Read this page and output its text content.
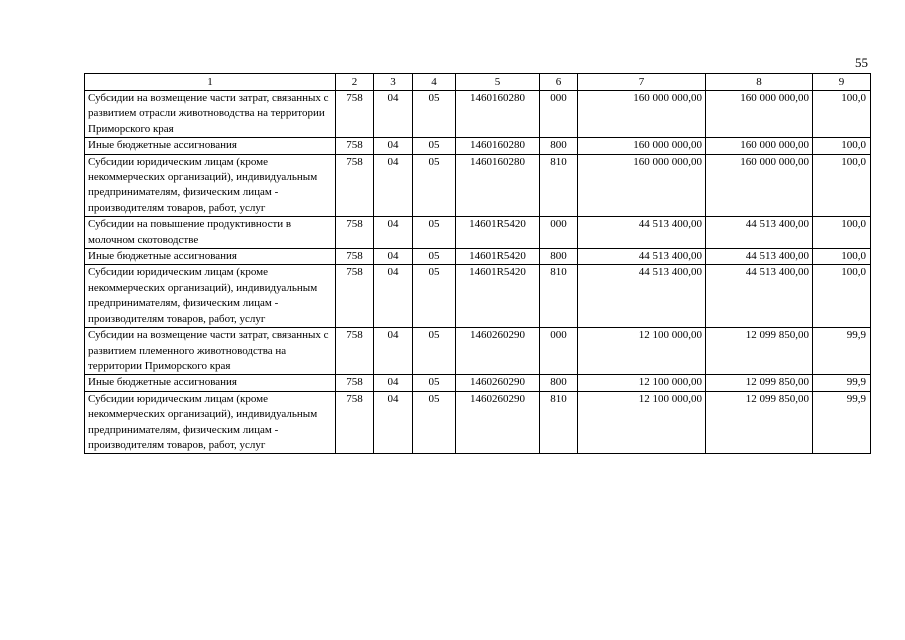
55
1	2	3	4	5	6	7	8	9
Субсидии на возмещение части затрат, связанных с развитием отрасли животноводства на территории Приморского края	758	04	05	1460160280	000	160 000 000,00	160 000 000,00	100,0
Иные бюджетные ассигнования	758	04	05	1460160280	800	160 000 000,00	160 000 000,00	100,0
Субсидии юридическим лицам (кроме некоммерческих организаций), индивидуальным предпринимателям, физическим лицам - производителям товаров, работ, услуг	758	04	05	1460160280	810	160 000 000,00	160 000 000,00	100,0
Субсидии на повышение продуктивности в молочном скотоводстве	758	04	05	14601R5420	000	44 513 400,00	44 513 400,00	100,0
Иные бюджетные ассигнования	758	04	05	14601R5420	800	44 513 400,00	44 513 400,00	100,0
Субсидии юридическим лицам (кроме некоммерческих организаций), индивидуальным предпринимателям, физическим лицам - производителям товаров, работ, услуг	758	04	05	14601R5420	810	44 513 400,00	44 513 400,00	100,0
Субсидии на возмещение части затрат, связанных с развитием племенного животноводства на территории Приморского края	758	04	05	1460260290	000	12 100 000,00	12 099 850,00	99,9
Иные бюджетные ассигнования	758	04	05	1460260290	800	12 100 000,00	12 099 850,00	99,9
Субсидии юридическим лицам (кроме некоммерческих организаций), индивидуальным предпринимателям, физическим лицам - производителям товаров, работ, услуг	758	04	05	1460260290	810	12 100 000,00	12 099 850,00	99,9
